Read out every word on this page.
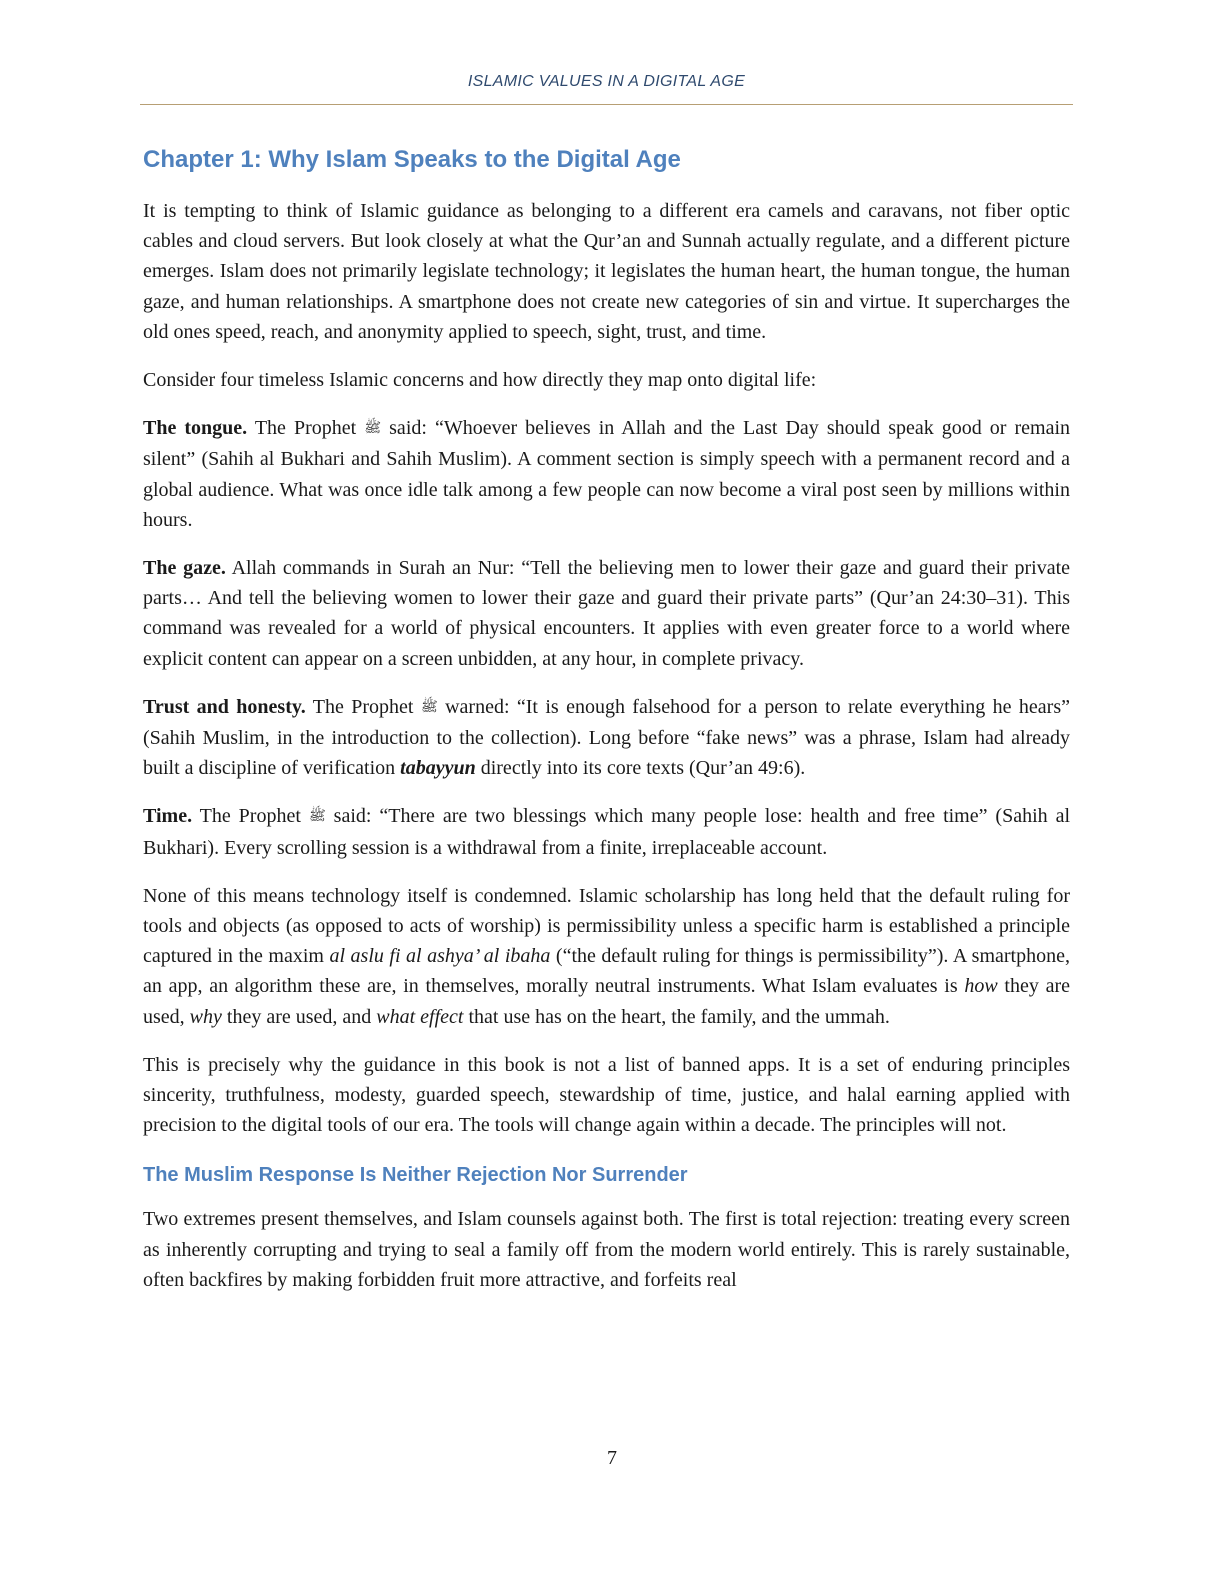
ISLAMIC VALUES IN A DIGITAL AGE
Chapter 1: Why Islam Speaks to the Digital Age

It is tempting to think of Islamic guidance as belonging to a different era camels and caravans, not fiber optic cables and cloud servers. But look closely at what the Qur’an and Sunnah actually regulate, and a different picture emerges. Islam does not primarily legislate technology; it legislates the human heart, the human tongue, the human gaze, and human relationships. A smartphone does not create new categories of sin and virtue. It supercharges the old ones speed, reach, and anonymity applied to speech, sight, trust, and time.

Consider four timeless Islamic concerns and how directly they map onto digital life:

The tongue. The Prophet ﷺ said: “Whoever believes in Allah and the Last Day should speak good or remain silent” (Sahih al Bukhari and Sahih Muslim). A comment section is simply speech with a permanent record and a global audience. What was once idle talk among a few people can now become a viral post seen by millions within hours.

The gaze. Allah commands in Surah an Nur: “Tell the believing men to lower their gaze and guard their private parts… And tell the believing women to lower their gaze and guard their private parts” (Qur’an 24:30–31). This command was revealed for a world of physical encounters. It applies with even greater force to a world where explicit content can appear on a screen unbidden, at any hour, in complete privacy.

Trust and honesty. The Prophet ﷺ warned: “It is enough falsehood for a person to relate everything he hears” (Sahih Muslim, in the introduction to the collection). Long before “fake news” was a phrase, Islam had already built a discipline of verification tabayyun directly into its core texts (Qur’an 49:6).

Time. The Prophet ﷺ said: “There are two blessings which many people lose: health and free time” (Sahih al Bukhari). Every scrolling session is a withdrawal from a finite, irreplaceable account.

None of this means technology itself is condemned. Islamic scholarship has long held that the default ruling for tools and objects (as opposed to acts of worship) is permissibility unless a specific harm is established a principle captured in the maxim al aslu fi al ashya’ al ibaha (“the default ruling for things is permissibility”). A smartphone, an app, an algorithm these are, in themselves, morally neutral instruments. What Islam evaluates is how they are used, why they are used, and what effect that use has on the heart, the family, and the ummah.

This is precisely why the guidance in this book is not a list of banned apps. It is a set of enduring principles sincerity, truthfulness, modesty, guarded speech, stewardship of time, justice, and halal earning applied with precision to the digital tools of our era. The tools will change again within a decade. The principles will not.

The Muslim Response Is Neither Rejection Nor Surrender

Two extremes present themselves, and Islam counsels against both. The first is total rejection: treating every screen as inherently corrupting and trying to seal a family off from the modern world entirely. This is rarely sustainable, often backfires by making forbidden fruit more attractive, and forfeits real

7
